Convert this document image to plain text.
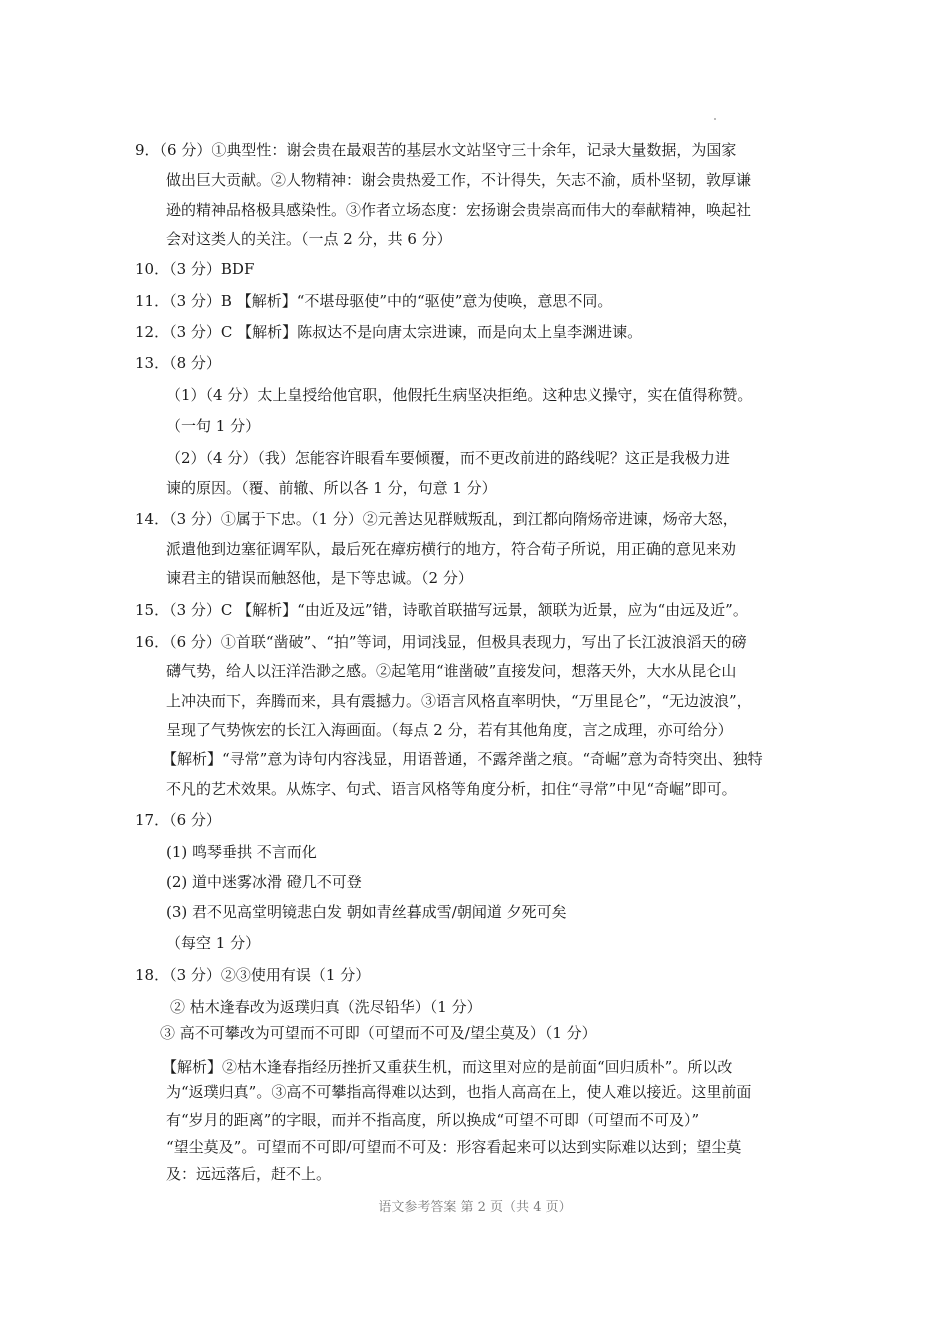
9．（6 分）①典型性：谢会贵在最艰苦的基层水文站坚守三十余年，记录大量数据，为国家
做出巨大贡献。②人物精神：谢会贵热爱工作，不计得失，矢志不渝，质朴坚韧，敦厚谦
逊的精神品格极具感染性。③作者立场态度：宏扬谢会贵崇高而伟大的奉献精神，唤起社
会对这类人的关注。（一点 2 分，共 6 分）
10．（3 分）BDF
11．（3 分）B 【解析】“不堪母驱使”中的“驱使”意为使唤，意思不同。
12．（3 分）C 【解析】陈叔达不是向唐太宗进谏，而是向太上皇李渊进谏。
13．（8 分）
（1）（4 分）太上皇授给他官职，他假托生病坚决拒绝。这种忠义操守，实在值得称赞。
（一句 1 分）
（2）（4 分）（我）怎能容许眼看车要倾覆，而不更改前进的路线呢？这正是我极力进
谏的原因。（覆、前辙、所以各 1 分，句意 1 分）
14．（3 分）①属于下忠。（1 分）②元善达见群贼叛乱，到江都向隋炀帝进谏，炀帝大怒，
派遣他到边塞征调军队，最后死在瘴疠横行的地方，符合荀子所说，用正确的意见来劝
谏君主的错误而触怒他，是下等忠诚。（2 分）
15．（3 分）C 【解析】“由近及远”错，诗歌首联描写远景，颔联为近景，应为“由远及近”。
16．（6 分）①首联“凿破”、“拍”等词，用词浅显，但极具表现力，写出了长江波浪滔天的磅
礴气势，给人以汪洋浩渺之感。②起笔用“谁凿破”直接发问，想落天外，大水从昆仑山
上冲决而下，奔腾而来，具有震撼力。③语言风格直率明快，“万里昆仑”，“无边波浪”，
呈现了气势恢宏的长江入海画面。（每点 2 分，若有其他角度，言之成理，亦可给分）
【解析】“寻常”意为诗句内容浅显，用语普通，不露斧凿之痕。“奇崛”意为奇特突出、独特
不凡的艺术效果。从炼字、句式、语言风格等角度分析，扣住“寻常”中见“奇崛”即可。
17．（6 分）
(1) 鸣琴垂拱 不言而化
(2) 道中迷雾冰滑 磴几不可登
(3) 君不见高堂明镜悲白发 朝如青丝暮成雪/朝闻道 夕死可矣
（每空 1 分）
18．（3 分）②③使用有误（1 分）
② 枯木逢春改为返璞归真（洗尽铅华）（1 分）
③ 高不可攀改为可望而不可即（可望而不可及/望尘莫及）（1 分）
【解析】②枯木逢春指经历挫折又重获生机，而这里对应的是前面“回归质朴”。所以改
为“返璞归真”。③高不可攀指高得难以达到，也指人高高在上，使人难以接近。这里前面
有“岁月的距离”的字眼，而并不指高度，所以换成“可望不可即（可望而不可及）”
“望尘莫及”。可望而不可即/可望而不可及：形容看起来可以达到实际难以达到；望尘莫
及：远远落后，赶不上。
语文参考答案 第 2 页（共 4 页）
